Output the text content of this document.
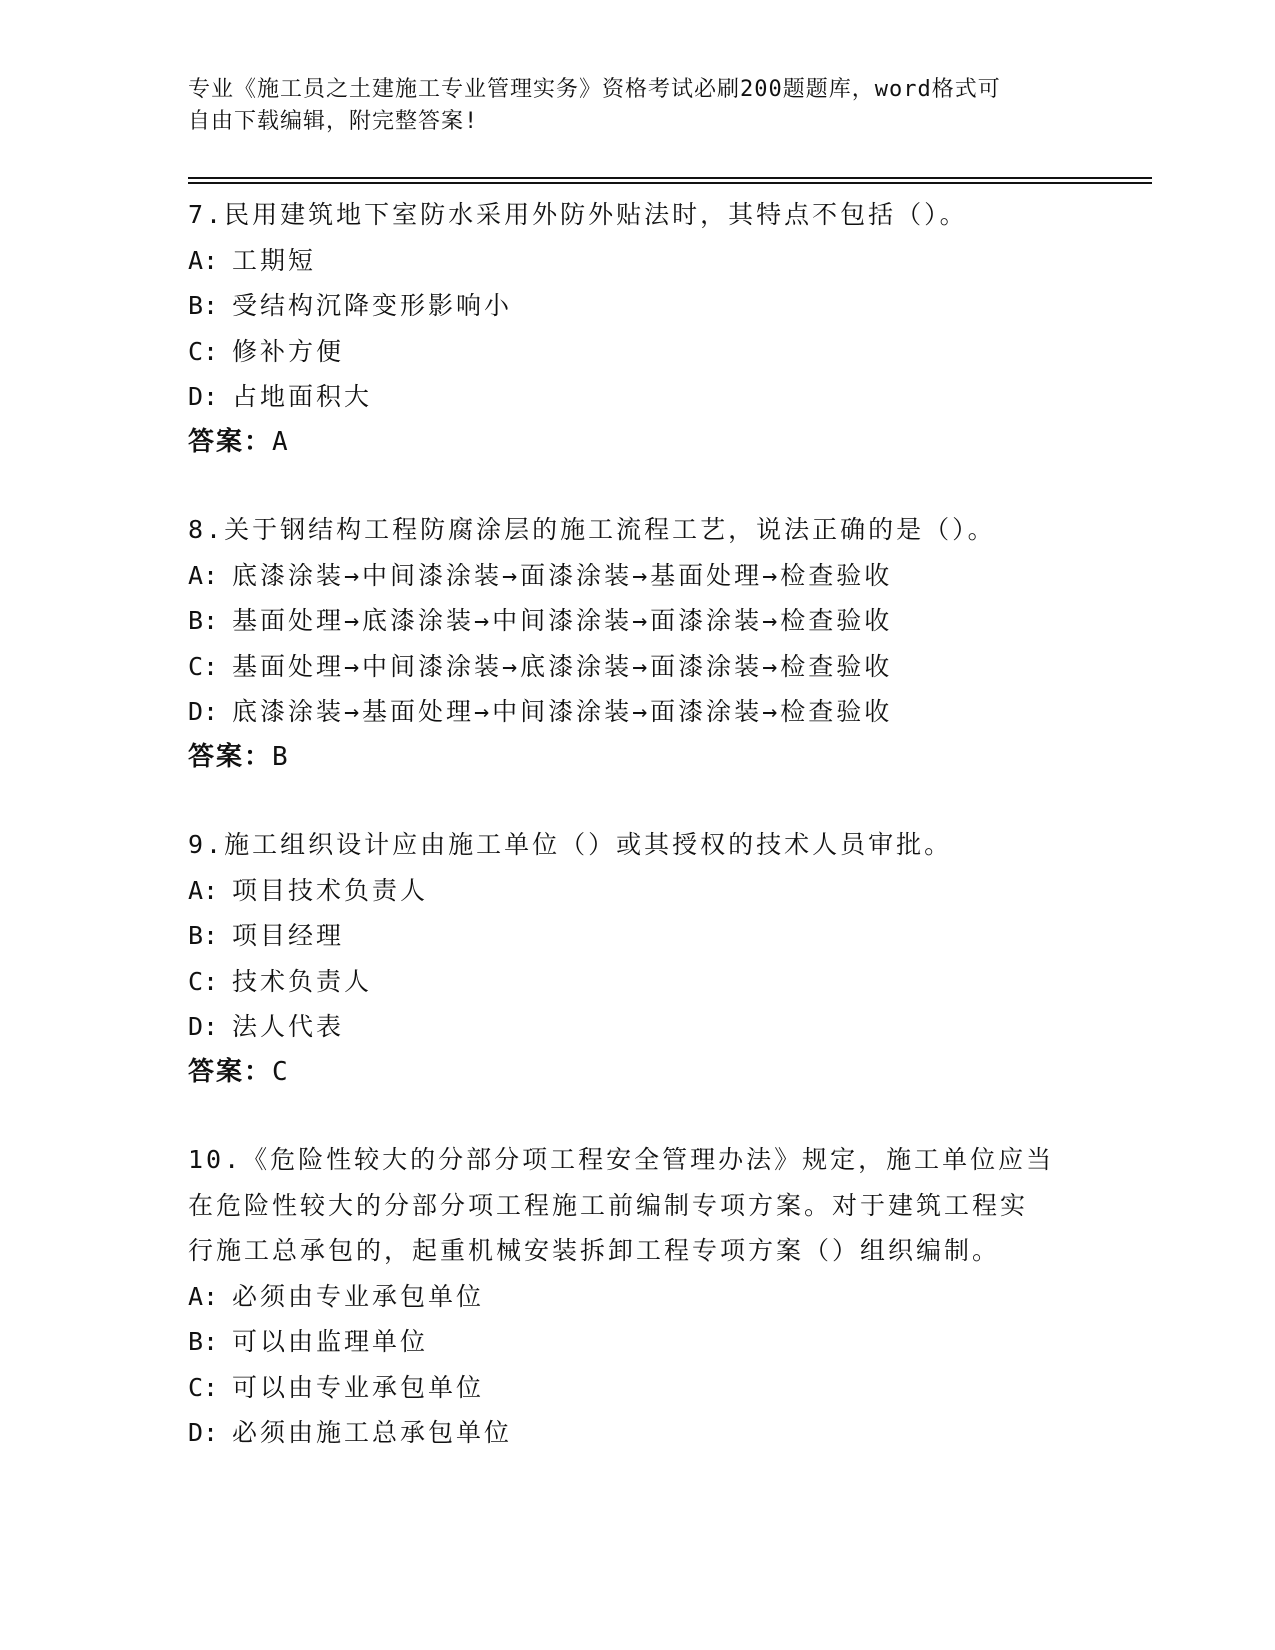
专业《施工员之土建施工专业管理实务》资格考试必刷200题题库，word格式可
自由下载编辑，附完整答案!
7.民用建筑地下室防水采用外防外贴法时，其特点不包括（）。
A: 工期短
B: 受结构沉降变形影响小
C: 修补方便
D: 占地面积大
答案：A
8.关于钢结构工程防腐涂层的施工流程工艺，说法正确的是（）。
A: 底漆涂装→中间漆涂装→面漆涂装→基面处理→检查验收
B: 基面处理→底漆涂装→中间漆涂装→面漆涂装→检查验收
C: 基面处理→中间漆涂装→底漆涂装→面漆涂装→检查验收
D: 底漆涂装→基面处理→中间漆涂装→面漆涂装→检查验收
答案：B
9.施工组织设计应由施工单位（）或其授权的技术人员审批。
A: 项目技术负责人
B: 项目经理
C: 技术负责人
D: 法人代表
答案：C
10.《危险性较大的分部分项工程安全管理办法》规定，施工单位应当
在危险性较大的分部分项工程施工前编制专项方案。对于建筑工程实
行施工总承包的，起重机械安装拆卸工程专项方案（）组织编制。
A: 必须由专业承包单位
B: 可以由监理单位
C: 可以由专业承包单位
D: 必须由施工总承包单位
